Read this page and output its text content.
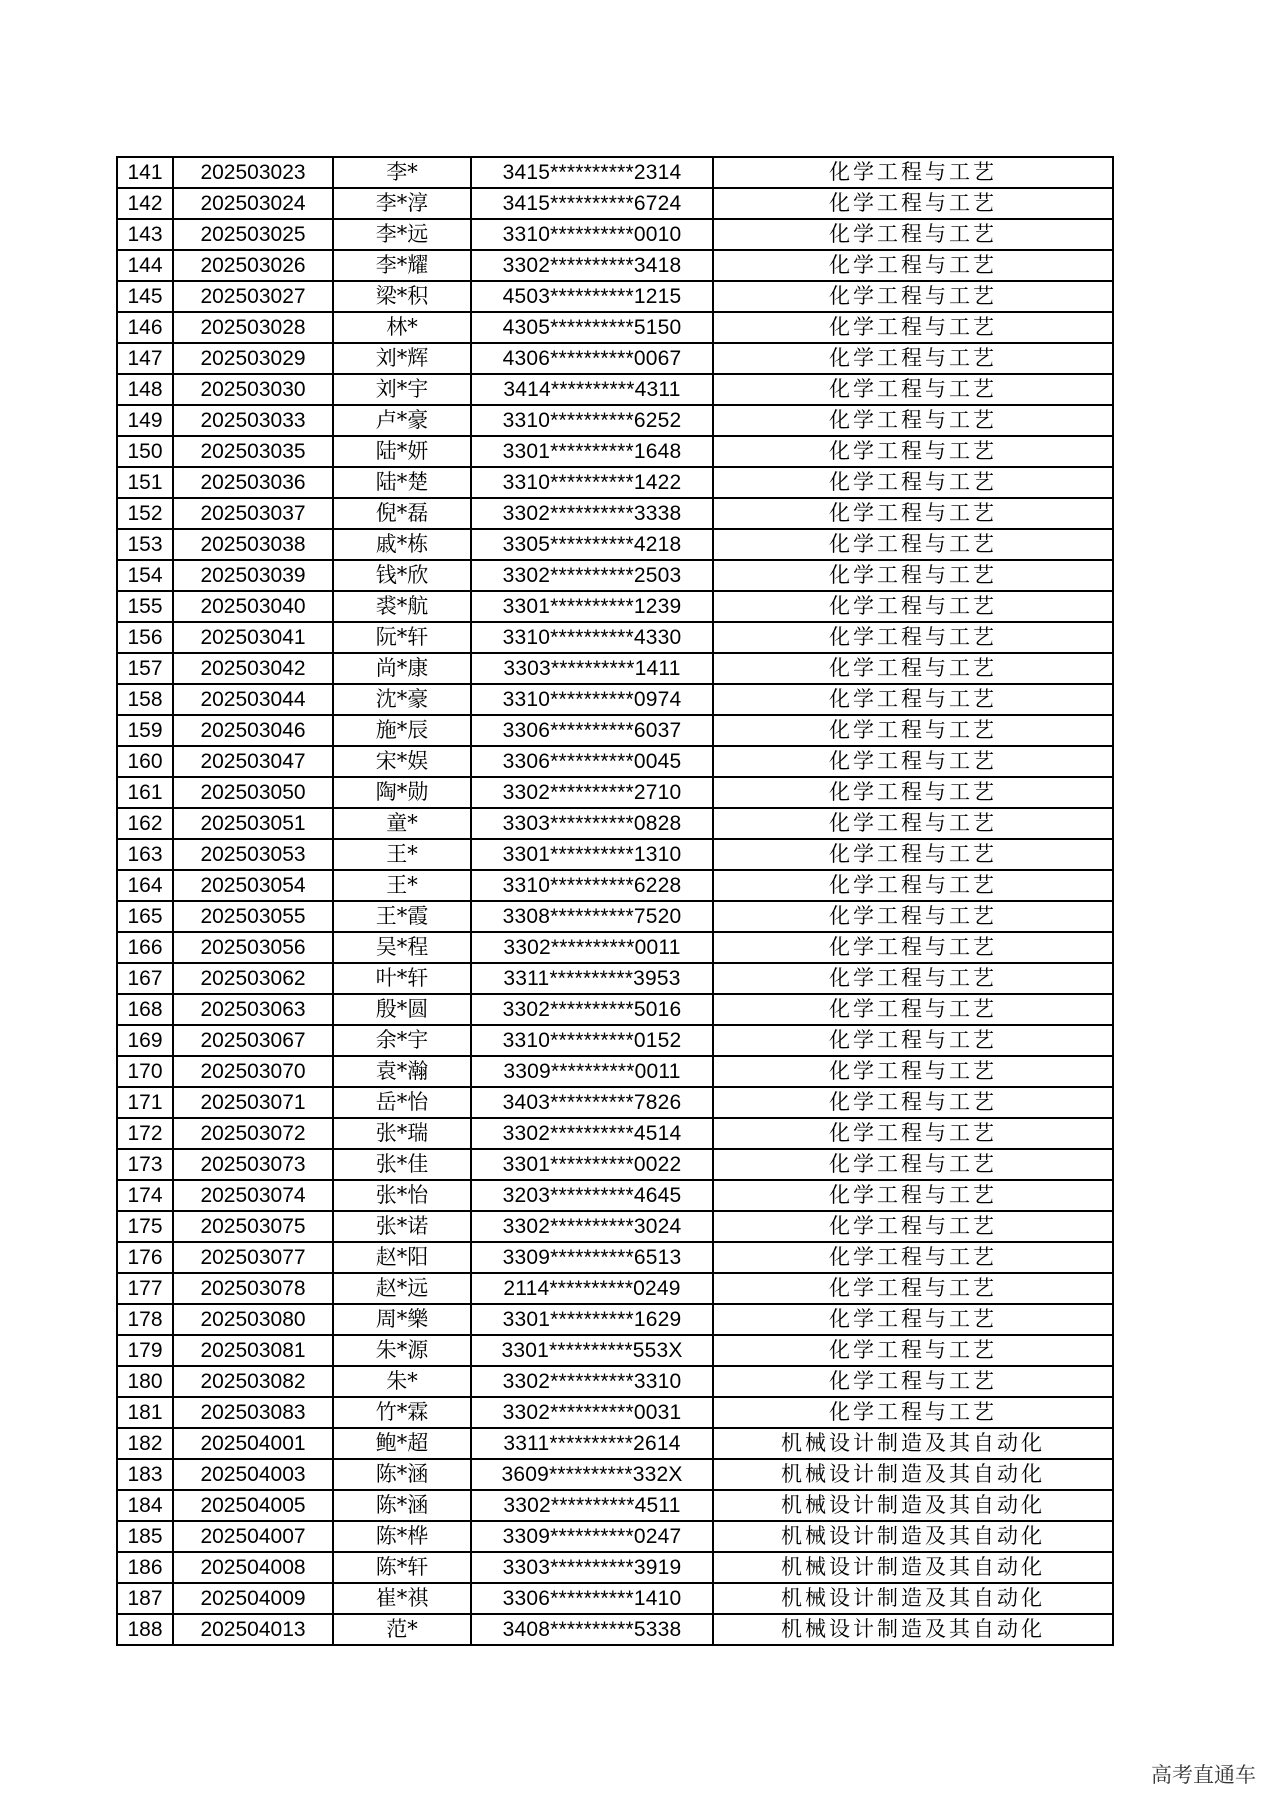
141	202503023	李*	3415**********2314	化学工程与工艺
142	202503024	李*淳	3415**********6724	化学工程与工艺
143	202503025	李*远	3310**********0010	化学工程与工艺
144	202503026	李*耀	3302**********3418	化学工程与工艺
145	202503027	梁*积	4503**********1215	化学工程与工艺
146	202503028	林*	4305**********5150	化学工程与工艺
147	202503029	刘*辉	4306**********0067	化学工程与工艺
148	202503030	刘*宇	3414**********4311	化学工程与工艺
149	202503033	卢*豪	3310**********6252	化学工程与工艺
150	202503035	陆*妍	3301**********1648	化学工程与工艺
151	202503036	陆*楚	3310**********1422	化学工程与工艺
152	202503037	倪*磊	3302**********3338	化学工程与工艺
153	202503038	戚*栋	3305**********4218	化学工程与工艺
154	202503039	钱*欣	3302**********2503	化学工程与工艺
155	202503040	裘*航	3301**********1239	化学工程与工艺
156	202503041	阮*轩	3310**********4330	化学工程与工艺
157	202503042	尚*康	3303**********1411	化学工程与工艺
158	202503044	沈*豪	3310**********0974	化学工程与工艺
159	202503046	施*辰	3306**********6037	化学工程与工艺
160	202503047	宋*娱	3306**********0045	化学工程与工艺
161	202503050	陶*勋	3302**********2710	化学工程与工艺
162	202503051	童*	3303**********0828	化学工程与工艺
163	202503053	王*	3301**********1310	化学工程与工艺
164	202503054	王*	3310**********6228	化学工程与工艺
165	202503055	王*霞	3308**********7520	化学工程与工艺
166	202503056	吴*程	3302**********0011	化学工程与工艺
167	202503062	叶*轩	3311**********3953	化学工程与工艺
168	202503063	殷*圆	3302**********5016	化学工程与工艺
169	202503067	余*宇	3310**********0152	化学工程与工艺
170	202503070	袁*瀚	3309**********0011	化学工程与工艺
171	202503071	岳*怡	3403**********7826	化学工程与工艺
172	202503072	张*瑞	3302**********4514	化学工程与工艺
173	202503073	张*佳	3301**********0022	化学工程与工艺
174	202503074	张*怡	3203**********4645	化学工程与工艺
175	202503075	张*诺	3302**********3024	化学工程与工艺
176	202503077	赵*阳	3309**********6513	化学工程与工艺
177	202503078	赵*远	2114**********0249	化学工程与工艺
178	202503080	周*樂	3301**********1629	化学工程与工艺
179	202503081	朱*源	3301**********553X	化学工程与工艺
180	202503082	朱*	3302**********3310	化学工程与工艺
181	202503083	竹*霖	3302**********0031	化学工程与工艺
182	202504001	鲍*超	3311**********2614	机械设计制造及其自动化
183	202504003	陈*涵	3609**********332X	机械设计制造及其自动化
184	202504005	陈*涵	3302**********4511	机械设计制造及其自动化
185	202504007	陈*桦	3309**********0247	机械设计制造及其自动化
186	202504008	陈*轩	3303**********3919	机械设计制造及其自动化
187	202504009	崔*祺	3306**********1410	机械设计制造及其自动化
188	202504013	范*	3408**********5338	机械设计制造及其自动化
高考直通车
